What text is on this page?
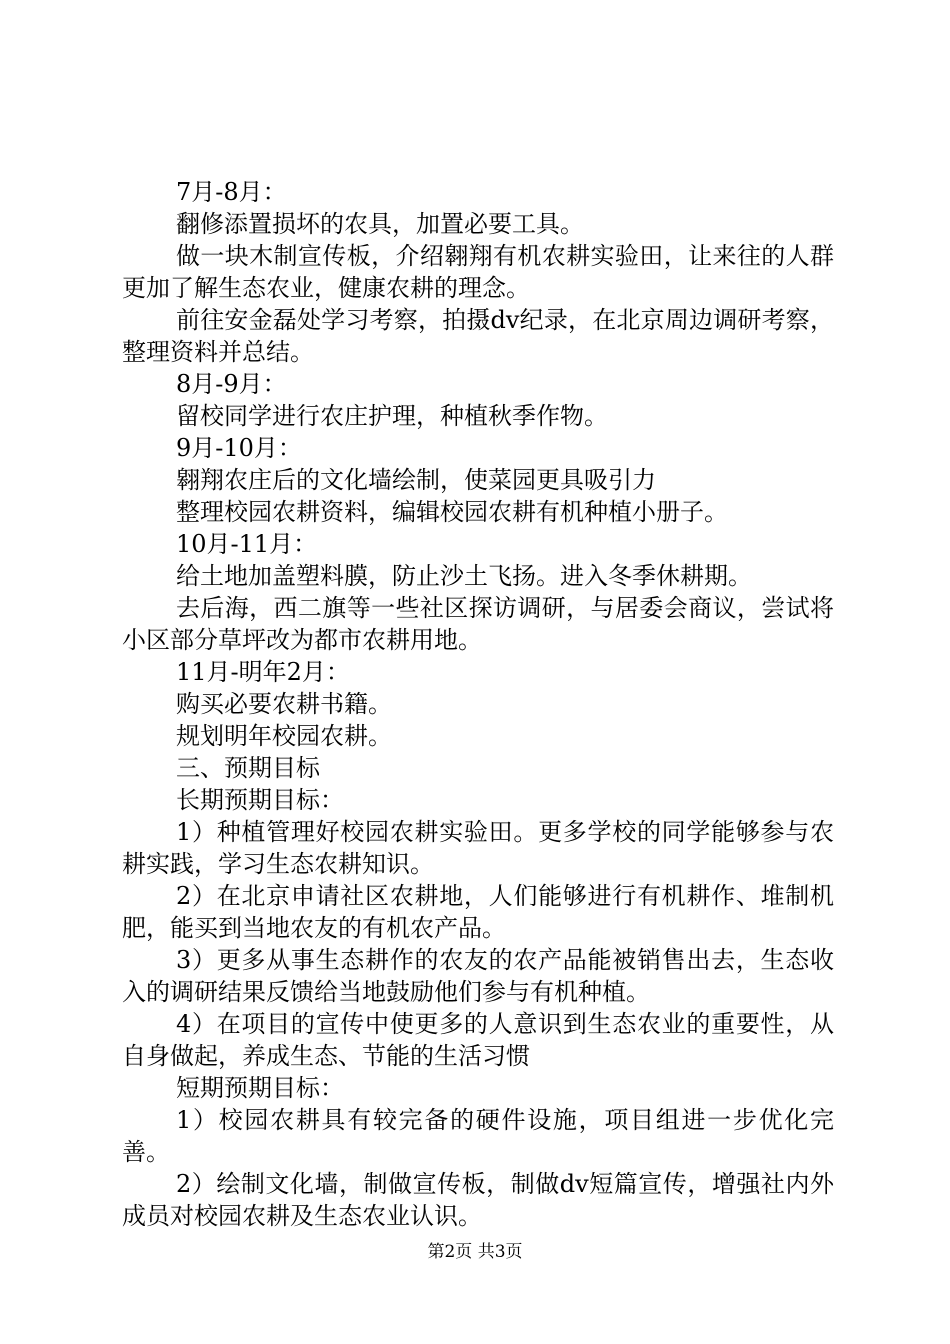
7月-8月：

翻修添置损坏的农具，加置必要工具。

做一块木制宣传板，介绍翱翔有机农耕实验田，让来往的人群更加了解生态农业，健康农耕的理念。

前往安金磊处学习考察，拍摄dv纪录，在北京周边调研考察，整理资料并总结。

8月-9月：

留校同学进行农庄护理，种植秋季作物。

9月-10月：

翱翔农庄后的文化墙绘制，使菜园更具吸引力

整理校园农耕资料，编辑校园农耕有机种植小册子。

10月-11月：

给土地加盖塑料膜，防止沙土飞扬。进入冬季休耕期。

去后海，西二旗等一些社区探访调研，与居委会商议，尝试将小区部分草坪改为都市农耕用地。

11月-明年2月：

购买必要农耕书籍。

规划明年校园农耕。

三、预期目标

长期预期目标：

1）种植管理好校园农耕实验田。更多学校的同学能够参与农耕实践，学习生态农耕知识。

2）在北京申请社区农耕地，人们能够进行有机耕作、堆制机肥，能买到当地农友的有机农产品。

3）更多从事生态耕作的农友的农产品能被销售出去，生态收入的调研结果反馈给当地鼓励他们参与有机种植。

4）在项目的宣传中使更多的人意识到生态农业的重要性，从自身做起，养成生态、节能的生活习惯

短期预期目标：

1）校园农耕具有较完备的硬件设施，项目组进一步优化完善。

2）绘制文化墙，制做宣传板，制做dv短篇宣传，增强社内外成员对校园农耕及生态农业认识。

第2页 共3页
